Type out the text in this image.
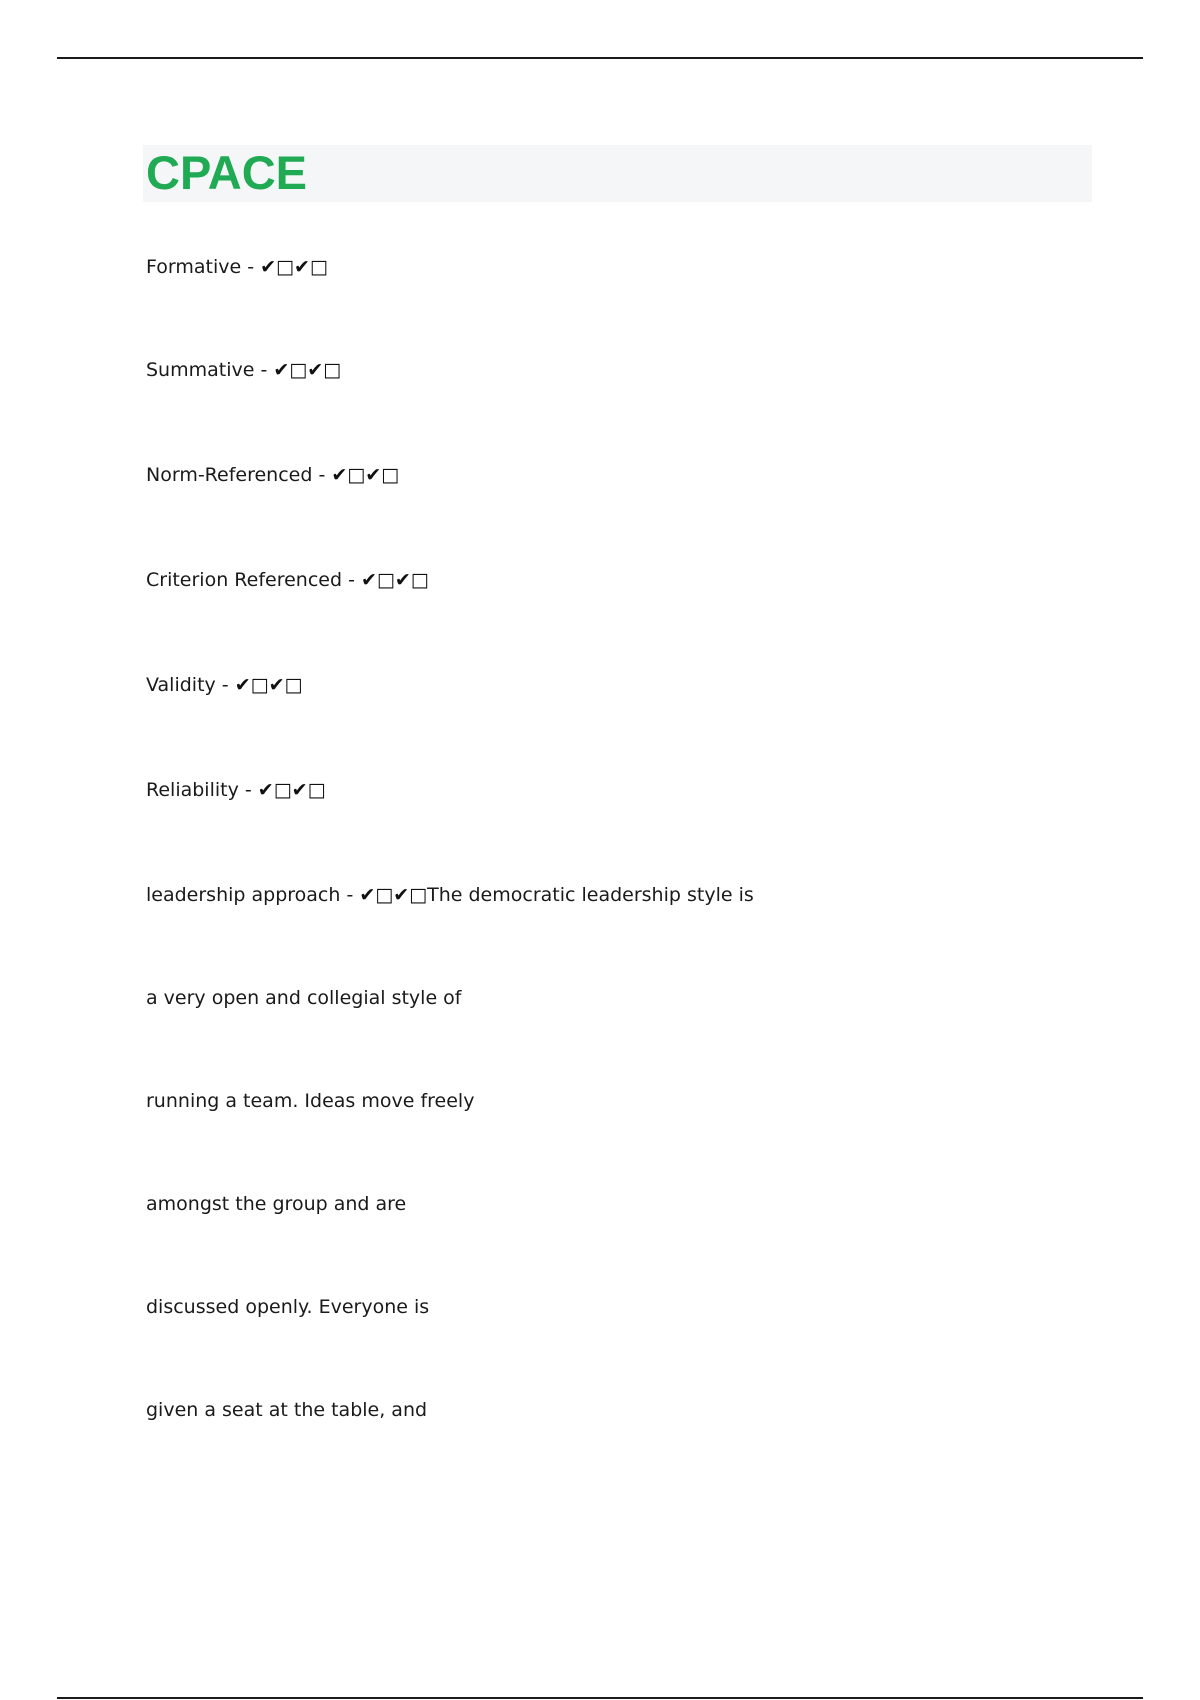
CPACE

Formative - ✔□✔□

Summative - ✔□✔□

Norm-Referenced - ✔□✔□

Criterion Referenced - ✔□✔□

Validity - ✔□✔□

Reliability - ✔□✔□

leadership approach - ✔□✔□The democratic leadership style is

a very open and collegial style of

running a team. Ideas move freely

amongst the group and are

discussed openly. Everyone is

given a seat at the table, and
